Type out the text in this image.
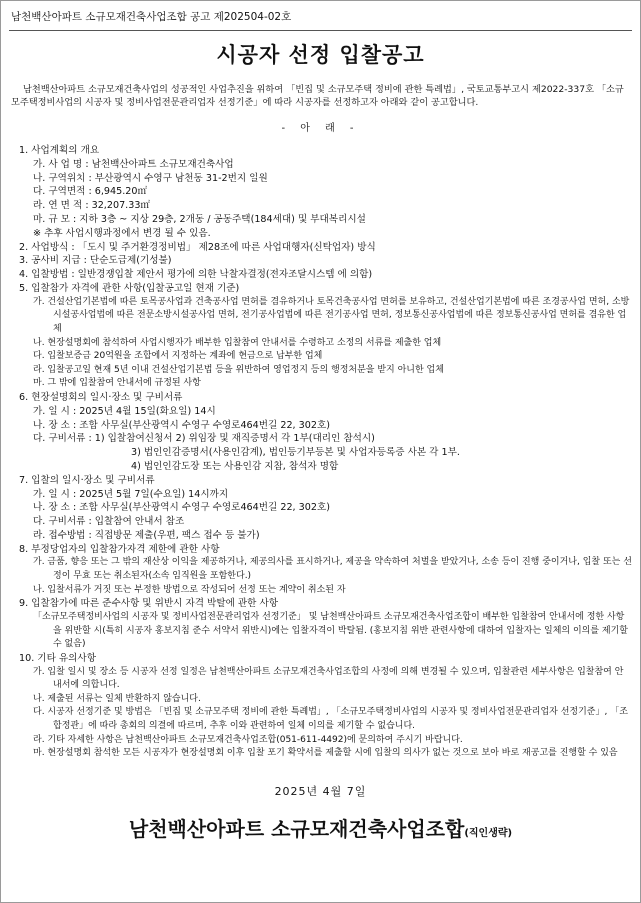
남천백산아파트 소규모재건축사업조합 공고 제202504-02호
시공자 선정 입찰공고
남천백산아파트 소규모재건축사업의 성공적인 사업추진을 위하여 「빈집 및 소규모주택 정비에 관한 특례법」, 국토교통부고시 제2022-337호 「소규모주택정비사업의 시공자 및 정비사업전문관리업자 선정기준」에 따라 시공자를 선정하고자 아래와 같이 공고합니다.
- 아 래 -
1. 사업계획의 개요
가. 사 업 명 : 남천백산아파트 소규모재건축사업
나. 구역위치 : 부산광역시 수영구 남천동 31-2번지 일원
다. 구역면적 : 6,945.20㎡
라. 연 면 적 : 32,207.33㎡
마. 규 모 : 지하 3층 ~ 지상 29층, 2개동 / 공동주택(184세대) 및 부대복리시설
※ 추후 사업시행과정에서 변경 될 수 있음.
2. 사업방식 : 「도시 및 주거환경정비법」 제28조에 따른 사업대행자(신탁업자) 방식
3. 공사비 지급 : 단순도급제(기성불)
4. 입찰방법 : 일반경쟁입찰 제안서 평가에 의한 낙찰자결정(전자조달시스템 에 의함)
5. 입찰참가 자격에 관한 사항(입찰공고일 현재 기준)
가. 건설산업기본법에 따른 토목공사업과 건축공사업 면허를 겸유하거나 토목건축공사업 면허를 보유하고, 건설산업기본법에 따른 조경공사업 면허, 소방시설공사업법에 따른 전문소방시설공사업 면허, 전기공사업법에 따른 전기공사업 면허, 정보통신공사업법에 따른 정보통신공사업 면허를 겸유한 업체
나. 현장설명회에 참석하여 사업시행자가 배부한 입찰참여 안내서를 수령하고 소정의 서류를 제출한 업체
다. 입찰보증금 20억원을 조합에서 지정하는 계좌에 현금으로 납부한 업체
라. 입찰공고일 현재 5년 이내 건설산업기본법 등을 위반하여 영업정지 등의 행정처분을 받지 아니한 업체
마. 그 밖에 입찰참여 안내서에 규정된 사항
6. 현장설명회의 일시·장소 및 구비서류
가. 일 시 : 2025년 4월 15일(화요일) 14시
나. 장 소 : 조합 사무실(부산광역시 수영구 수영로464번길 22, 302호)
다. 구비서류 : 1) 입찰참여신청서 2) 위임장 및 재직증명서 각 1부(대리인 참석시)
3) 법인인감증명서(사용인감계), 법인등기부등본 및 사업자등록증 사본 각 1부.
4) 법인인감도장 또는 사용인감 지참, 참석자 명함
7. 입찰의 일시·장소 및 구비서류
가. 일 시 : 2025년 5월 7일(수요일) 14시까지
나. 장 소 : 조합 사무실(부산광역시 수영구 수영로464번길 22, 302호)
다. 구비서류 : 입찰참여 안내서 참조
라. 접수방법 : 직접방문 제출(우편, 팩스 접수 등 불가)
8. 부정당업자의 입찰참가자격 제한에 관한 사항
가. 금품, 향응 또는 그 밖의 재산상 이익을 제공하거나, 제공의사를 표시하거나, 제공을 약속하여 처벌을 받았거나, 소송 등이 진행 중이거나, 입찰 또는 선정이 무효 또는 취소된자(소속 임직원을 포함한다.)
나. 입찰서류가 거짓 또는 부정한 방법으로 작성되어 선정 또는 계약이 취소된 자
9. 입찰참가에 따른 준수사항 및 위반시 자격 박탈에 관한 사항
「소규모주택정비사업의 시공자 및 정비사업전문관리업자 선정기준」 및 남천백산아파트 소규모재건축사업조합이 배부한 입찰참여 안내서에 정한 사항을 위반할 시(특히 시공자 홍보지침 준수 서약서 위반시)에는 입찰자격이 박탈됨. (홍보지침 위반 관련사항에 대하여 입찰자는 일체의 이의를 제기할 수 없음)
10. 기타 유의사항
가. 입찰 일시 및 장소 등 시공자 선정 일정은 남천백산아파트 소규모재건축사업조합의 사정에 의해 변경될 수 있으며, 입찰관련 세부사항은 입찰참여 안내서에 의합니다.
나. 제출된 서류는 일체 반환하지 않습니다.
다. 시공자 선정기준 및 방법은 「빈집 및 소규모주택 정비에 관한 특례법」, 「소규모주택정비사업의 시공자 및 정비사업전문관리업자 선정기준」, 「조합정관」에 따라 총회의 의결에 따르며, 추후 이와 관련하여 일체 이의를 제기할 수 없습니다.
라. 기타 자세한 사항은 남천백산아파트 소규모재건축사업조합(051-611-4492)에 문의하여 주시기 바랍니다.
마. 현장설명회 참석한 모든 시공자가 현장설명회 이후 입찰 포기 확약서를 제출할 시에 입찰의 의사가 없는 것으로 보아 바로 재공고를 진행할 수 있음
2025년 4월 7일
남천백산아파트 소규모재건축사업조합(직인생략)
